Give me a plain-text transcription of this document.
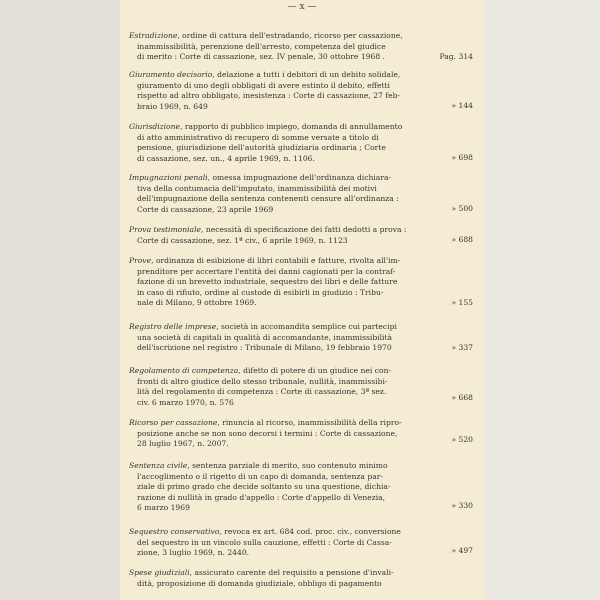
— x —
Estradizione, ordine di cattura dell'estradando, ricorso per cassazione,
inammissibilità, perenzione dell'arresto, competenza del giudice
di merito : Corte di cassazione, sez. IV penale, 30 ottobre 1968 .	Pag. 314
Giuramento decisorio, delazione a tutti i debitori di un debito solidale,
giuramento di uno degli obbligati di avere estinto il debito, effetti
rispetto ad altro obbligato, inesistenza : Corte di cassazione, 27 feb-
braio 1969, n. 649	» 144
Giurisdizione, rapporto di pubblico impiego, domanda di annullamento
di atto amministrativo di recupero di somme versate a titolo di
pensione, giurisdizione dell'autorità giudiziaria ordinaria ; Corte
di cassazione, sez. un., 4 aprile 1969, n. 1106.	» 698
Impugnazioni penali, omessa impugnazione dell'ordinanza dichiara-
tiva della contumacia dell'imputato, inammissibilità dei motivi
dell'impugnazione della sentenza contenenti censure all'ordinanza :
Corte di cassazione, 23 aprile 1969	» 500
Prova testimoniale, necessità di specificazione dei fatti dedotti a prova :
Corte di cassazione, sez. 1ª civ., 6 aprile 1969, n. 1123	» 688
Prove, ordinanza di esibizione di libri contabili e fatture, rivolta all'im-
prenditore per accertare l'entità dei danni cagionati per la contraf-
fazione di un brevetto industriale, sequestro dei libri e delle fatture
in caso di rifiuto, ordine al custode di esibirli in giudizio : Tribu-
nale di Milano, 9 ottobre 1969.	» 155
Registro delle imprese, società in accomandita semplice cui partecipi
una società di capitali in qualità di accomandante, inammissibilità
dell'iscrizione nel registro : Tribunale di Milano, 19 febbraio 1970	» 337
Regolamento di competenza, difetto di potere di un giudice nei con-
fronti di altro giudice dello stesso tribunale, nullità, inammissibi-
lità del regolamento di competenza : Corte di cassazione, 3ª sez.
civ. 6 marzo 1970, n. 576	» 668
Ricorso per cassazione, rinuncia al ricorso, inammissibilità della ripro-
posizione anche se non sono decorsi i termini : Corte di cassazione,
28 luglio 1967, n. 2007.	» 520
Sentenza civile, sentenza parziale di merito, suo contenuto minimo
l'accoglimento o il rigetto di un capo di domanda, sentenza par-
ziale di primo grado che decide soltanto su una questione, dichia-
razione di nullità in grado d'appello : Corte d'appello di Venezia,
6 marzo 1969	» 330
Sequestro conservativo, revoca ex art. 684 cod. proc. civ., conversione
del sequestro in un vincolo sulla cauzione, effetti : Corte di Cassa-
zione, 3 luglio 1969, n. 2440.	» 497
Spese giudiziali, assicurato carente del requisito a pensione d'invali-
dità, proposizione di domanda giudiziale, obbligo di pagamento
